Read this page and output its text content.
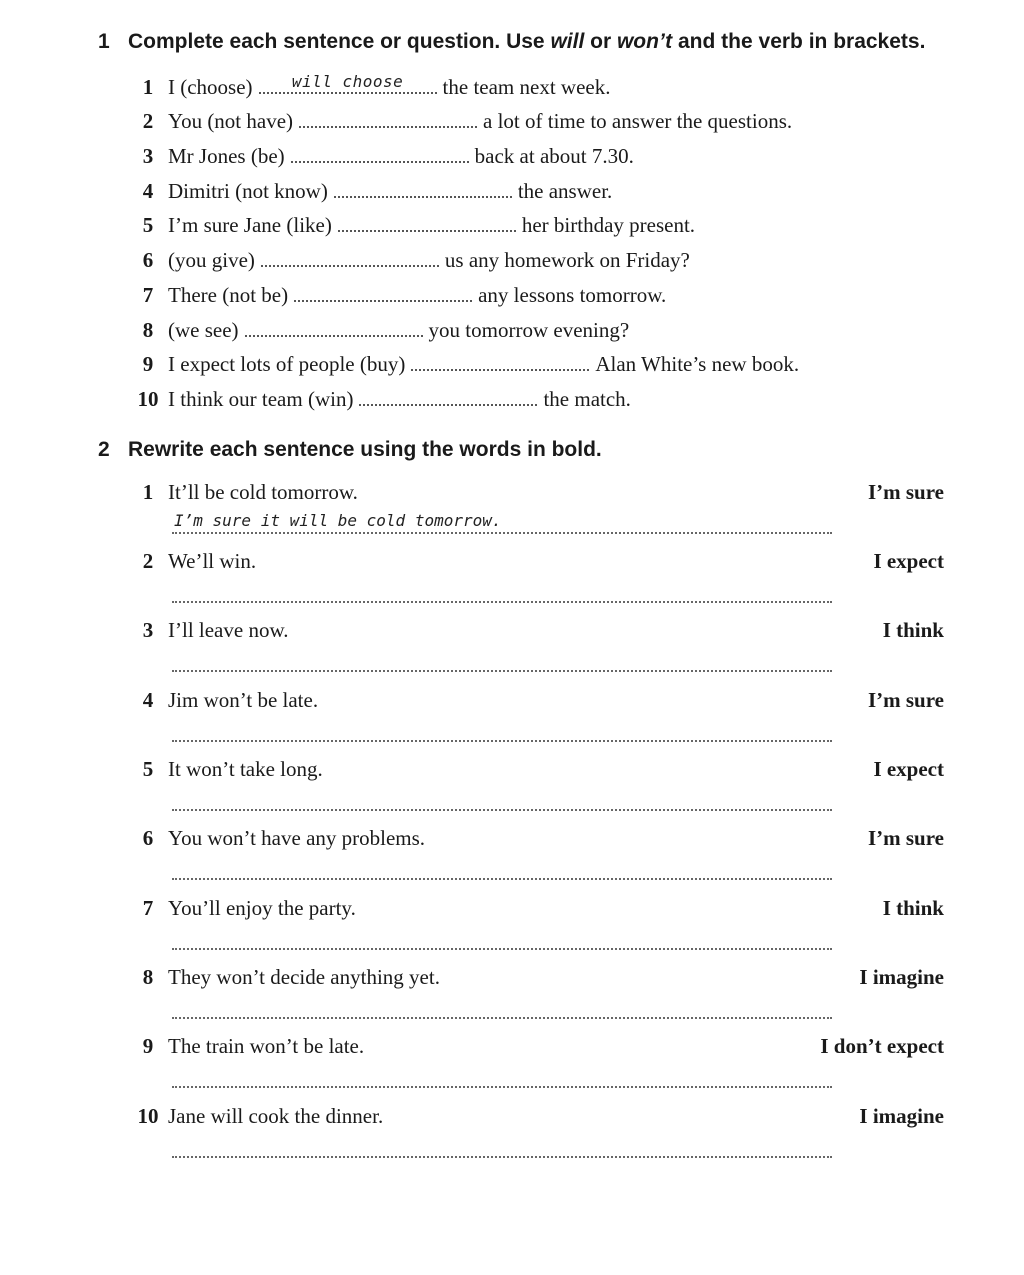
1 Complete each sentence or question. Use will or won’t and the verb in brackets.
1 I (choose)	will choose	the team next week.
2 You (not have)	a lot of time to answer the questions.
3 Mr Jones (be)	back at about 7.30.
4 Dimitri (not know)	the answer.
5 I’m sure Jane (like)	her birthday present.
6 (you give)	us any homework on Friday?
7 There (not be)	any lessons tomorrow.
8 (we see)	you tomorrow evening?
9 I expect lots of people (buy)	Alan White’s new book.
10 I think our team (win)	the match.
2 Rewrite each sentence using the words in bold.
1 It’ll be cold tomorrow.	I’m sure
I’m sure it will be cold tomorrow.
2 We’ll win.	I expect
3 I’ll leave now.	I think
4 Jim won’t be late.	I’m sure
5 It won’t take long.	I expect
6 You won’t have any problems.	I’m sure
7 You’ll enjoy the party.	I think
8 They won’t decide anything yet.	I imagine
9 The train won’t be late.	I don’t expect
10 Jane will cook the dinner.	I imagine
